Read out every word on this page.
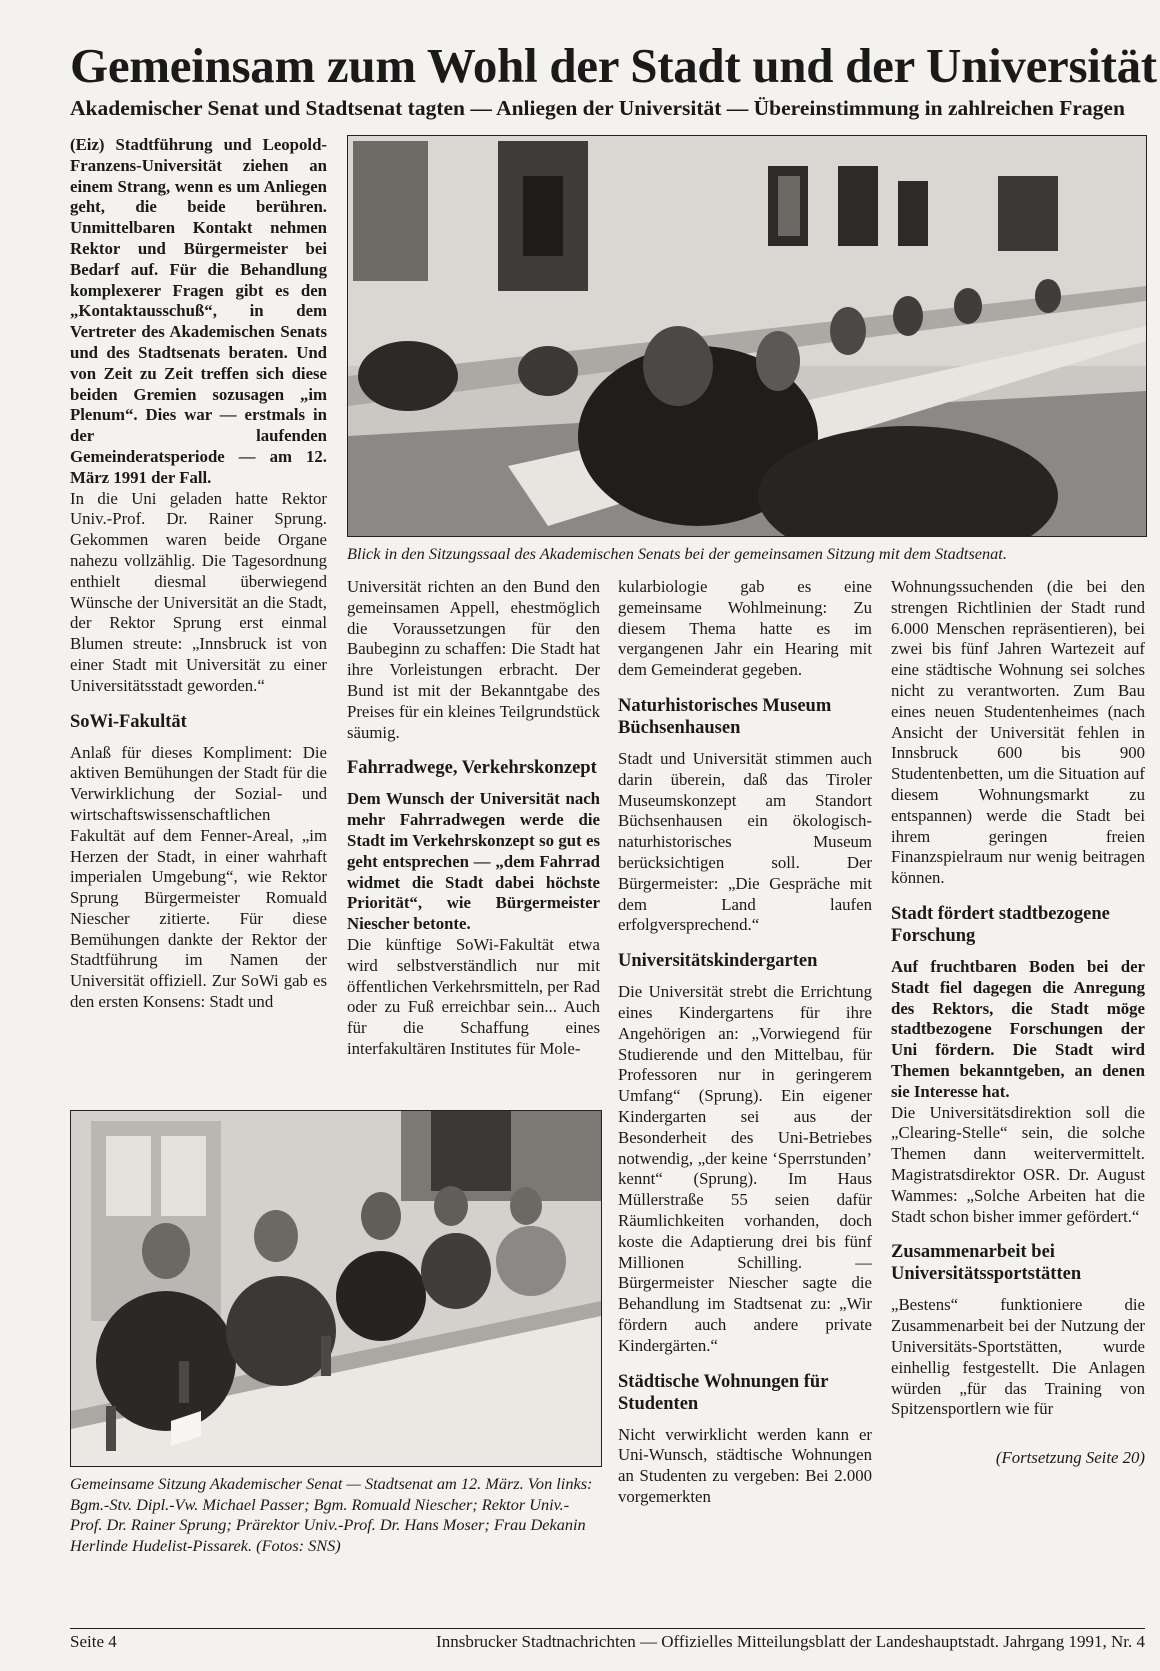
Gemeinsam zum Wohl der Stadt und der Universität
Akademischer Senat und Stadtsenat tagten — Anliegen der Universität — Übereinstimmung in zahlreichen Fragen

(Eiz) Stadtführung und Leopold-Franzens-Universität ziehen an einem Strang, wenn es um Anliegen geht, die beide berühren. Unmittelbaren Kontakt nehmen Rektor und Bürgermeister bei Bedarf auf. Für die Behandlung komplexerer Fragen gibt es den „Kontaktausschuß“, in dem Vertreter des Akademischen Senats und des Stadtsenats beraten. Und von Zeit zu Zeit treffen sich diese beiden Gremien sozusagen „im Plenum“. Dies war — erstmals in der laufenden Gemeinderatsperiode — am 12. März 1991 der Fall.

In die Uni geladen hatte Rektor Univ.-Prof. Dr. Rainer Sprung. Gekommen waren beide Organe nahezu vollzählig. Die Tagesordnung enthielt diesmal überwiegend Wünsche der Universität an die Stadt, der Rektor Sprung erst einmal Blumen streute: „Innsbruck ist von einer Stadt mit Universität zu einer Universitätsstadt geworden.“

SoWi-Fakultät

Anlaß für dieses Kompliment: Die aktiven Bemühungen der Stadt für die Verwirklichung der Sozial- und wirtschaftswissenschaftlichen Fakultät auf dem Fenner-Areal, „im Herzen der Stadt, in einer wahrhaft imperialen Umgebung“, wie Rektor Sprung Bürgermeister Romuald Niescher zitierte. Für diese Bemühungen dankte der Rektor der Stadtführung im Namen der Universität offiziell. Zur SoWi gab es den ersten Konsens: Stadt und

Blick in den Sitzungssaal des Akademischen Senats bei der gemeinsamen Sitzung mit dem Stadtsenat.

Universität richten an den Bund den gemeinsamen Appell, ehestmöglich die Voraussetzungen für den Baubeginn zu schaffen: Die Stadt hat ihre Vorleistungen erbracht. Der Bund ist mit der Bekanntgabe des Preises für ein kleines Teilgrundstück säumig.

Fahrradwege, Verkehrskonzept

Dem Wunsch der Universität nach mehr Fahrradwegen werde die Stadt im Verkehrskonzept so gut es geht entsprechen — „dem Fahrrad widmet die Stadt dabei höchste Priorität“, wie Bürgermeister Niescher betonte.

Die künftige SoWi-Fakultät etwa wird selbstverständlich nur mit öffentlichen Verkehrsmitteln, per Rad oder zu Fuß erreichbar sein... Auch für die Schaffung eines interfakultären Institutes für Mole-

kularbiologie gab es eine gemeinsame Wohlmeinung: Zu diesem Thema hatte es im vergangenen Jahr ein Hearing mit dem Gemeinderat gegeben.

Naturhistorisches Museum Büchsenhausen

Stadt und Universität stimmen auch darin überein, daß das Tiroler Museumskonzept am Standort Büchsenhausen ein ökologisch-naturhistorisches Museum berücksichtigen soll. Der Bürgermeister: „Die Gespräche mit dem Land laufen erfolgversprechend.“

Universitätskindergarten

Die Universität strebt die Errichtung eines Kindergartens für ihre Angehörigen an: „Vorwiegend für Studierende und den Mittelbau, für Professoren nur in geringerem Umfang“ (Sprung). Ein eigener Kindergarten sei aus der Besonderheit des Uni-Betriebes notwendig, „der keine ‘Sperrstunden’ kennt“ (Sprung). Im Haus Müllerstraße 55 seien dafür Räumlichkeiten vorhanden, doch koste die Adaptierung drei bis fünf Millionen Schilling. — Bürgermeister Niescher sagte die Behandlung im Stadtsenat zu: „Wir fördern auch andere private Kindergärten.“

Städtische Wohnungen für Studenten

Nicht verwirklicht werden kann er Uni-Wunsch, städtische Wohnungen an Studenten zu vergeben: Bei 2.000 vorgemerkten

Wohnungssuchenden (die bei den strengen Richtlinien der Stadt rund 6.000 Menschen repräsentieren), bei zwei bis fünf Jahren Wartezeit auf eine städtische Wohnung sei solches nicht zu verantworten. Zum Bau eines neuen Studentenheimes (nach Ansicht der Universität fehlen in Innsbruck 600 bis 900 Studentenbetten, um die Situation auf diesem Wohnungsmarkt zu entspannen) werde die Stadt bei ihrem geringen freien Finanzspielraum nur wenig beitragen können.

Stadt fördert stadtbezogene Forschung

Auf fruchtbaren Boden bei der Stadt fiel dagegen die Anregung des Rektors, die Stadt möge stadtbezogene Forschungen der Uni fördern. Die Stadt wird Themen bekanntgeben, an denen sie Interesse hat.

Die Universitätsdirektion soll die „Clearing-Stelle“ sein, die solche Themen dann weitervermittelt. Magistratsdirektor OSR. Dr. August Wammes: „Solche Arbeiten hat die Stadt schon bisher immer gefördert.“

Zusammenarbeit bei Universitätssportstätten

„Bestens“ funktioniere die Zusammenarbeit bei der Nutzung der Universitäts-Sportstätten, wurde einhellig festgestellt. Die Anlagen würden „für das Training von Spitzensportlern wie für

(Fortsetzung Seite 20)

Gemeinsame Sitzung Akademischer Senat — Stadtsenat am 12. März. Von links: Bgm.-Stv. Dipl.-Vw. Michael Passer; Bgm. Romuald Niescher; Rektor Univ.-Prof. Dr. Rainer Sprung; Prärektor Univ.-Prof. Dr. Hans Moser; Frau Dekanin Herlinde Hudelist-Pissarek. (Fotos: SNS)
Seite 4	Innsbrucker Stadtnachrichten — Offizielles Mitteilungsblatt der Landeshauptstadt. Jahrgang 1991, Nr. 4
